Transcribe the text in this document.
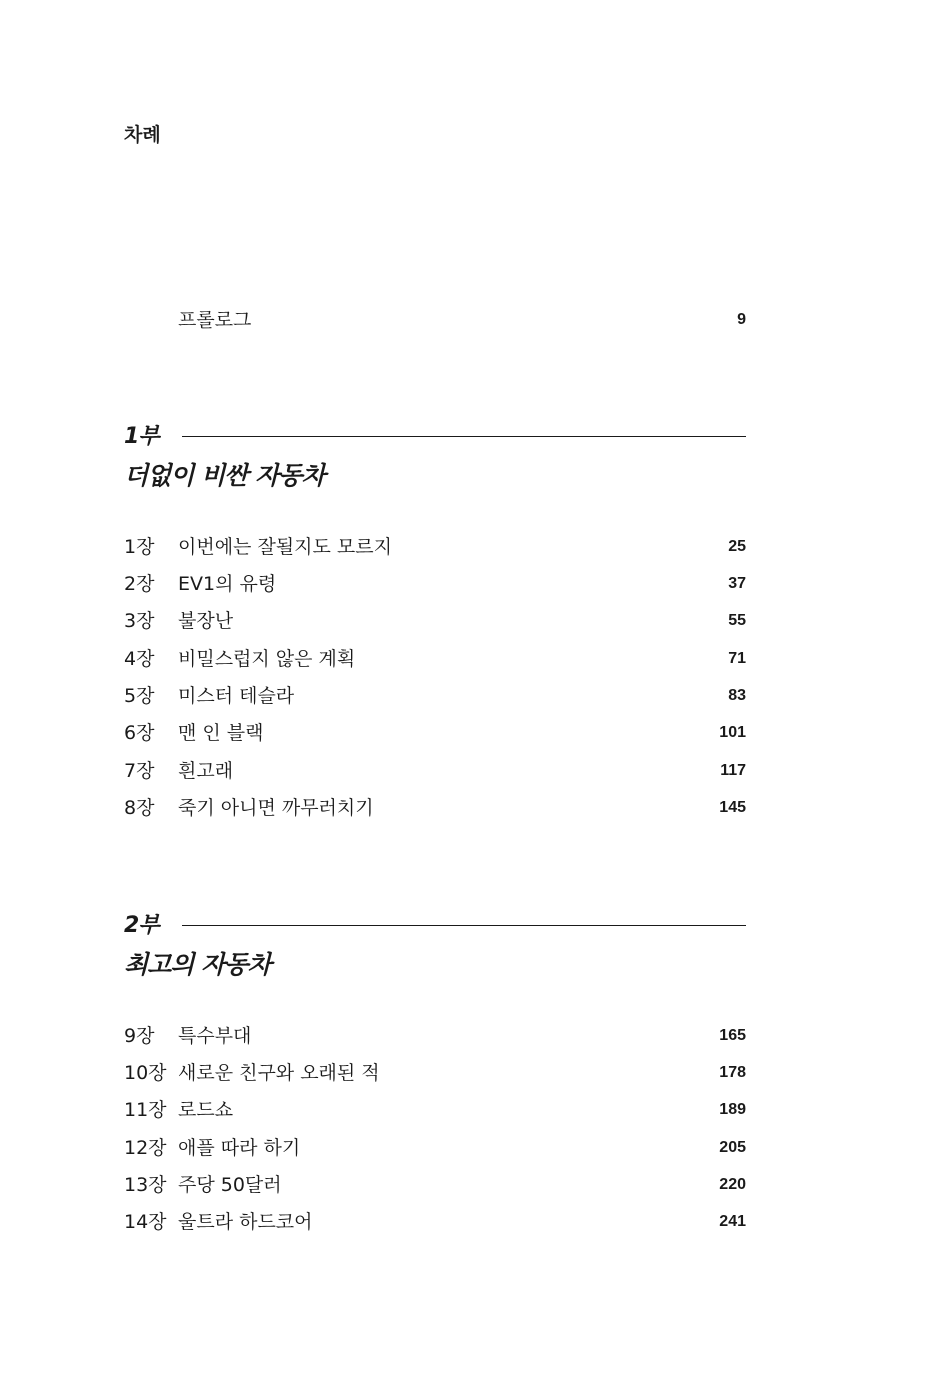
차례
프롤로그	9
1부
더없이 비싼 자동차
1장 이번에는 잘될지도 모르지	25
2장 EV1의 유령	37
3장 불장난	55
4장 비밀스럽지 않은 계획	71
5장 미스터 테슬라	83
6장 맨 인 블랙	101
7장 흰고래	117
8장 죽기 아니면 까무러치기	145
2부
최고의 자동차
9장 특수부대	165
10장 새로운 친구와 오래된 적	178
11장 로드쇼	189
12장 애플 따라 하기	205
13장 주당 50달러	220
14장 울트라 하드코어	241
